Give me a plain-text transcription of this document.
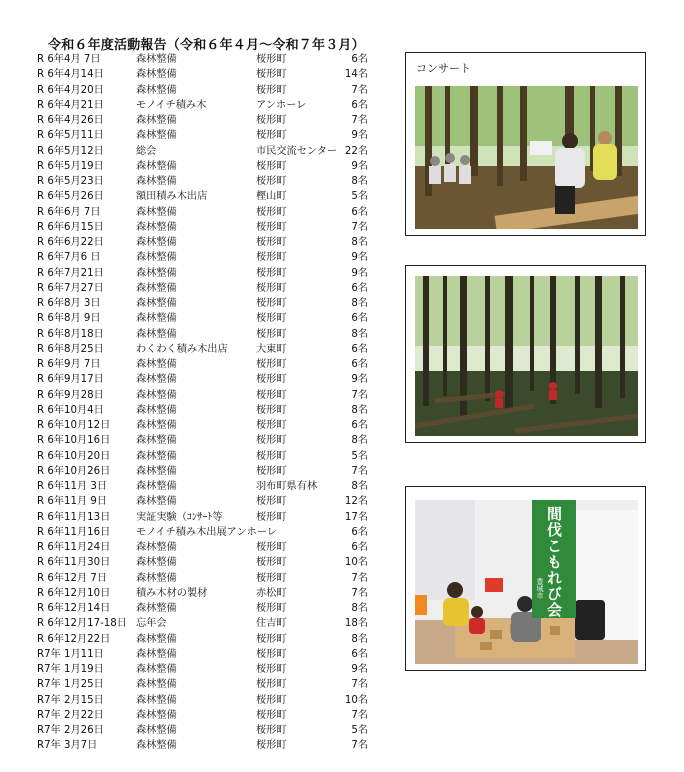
令和６年度活動報告（令和６年４月～令和７年３月）
R 6年4月 7日	森林整備	桜形町	6名
R 6年4月14日	森林整備	桜形町	14名
R 6年4月20日	森林整備	桜形町	7名
R 6年4月21日	モノイチ積み木	アンホーレ	6名
R 6年4月26日	森林整備	桜形町	7名
R 6年5月11日	森林整備	桜形町	9名
R 6年5月12日	総会	市民交流センター 22名
R 6年5月19日	森林整備	桜形町	9名
R 6年5月23日	森林整備	桜形町	8名
R 6年5月26日	額田積み木出店	樫山町	5名
R 6年6月 7日	森林整備	桜形町	6名
R 6年6月15日	森林整備	桜形町	7名
R 6年6月22日	森林整備	桜形町	8名
R 6年7月6 日	森林整備	桜形町	9名
R 6年7月21日	森林整備	桜形町	9名
R 6年7月27日	森林整備	桜形町	6名
R 6年8月 3日	森林整備	桜形町	8名
R 6年8月 9日	森林整備	桜形町	6名
R 6年8月18日	森林整備	桜形町	8名
R 6年8月25日	わくわく積み木出店	大東町	6名
R 6年9月 7日	森林整備	桜形町	6名
R 6年9月17日	森林整備	桜形町	9名
R 6年9月28日	森林整備	桜形町	7名
R 6年10月4日	森林整備	桜形町	8名
R 6年10月12日	森林整備	桜形町	6名
R 6年10月16日	森林整備	桜形町	8名
R 6年10月20日	森林整備	桜形町	5名
R 6年10月26日	森林整備	桜形町	7名
R 6年11月 3日	森林整備	羽布町県有林	8名
R 6年11月 9日	森林整備	桜形町	12名
R 6年11月13日	実証実験（ｺﾝｻｰﾄ等	桜形町	17名
R 6年11月16日	モノイチ積み木出展アンホーレ	6名
R 6年11月24日	森林整備	桜形町	6名
R 6年11月30日	森林整備	桜形町	10名
R 6年12月 7日	森林整備	桜形町	7名
R 6年12月10日	積み木材の製材	赤松町	7名
R 6年12月14日	森林整備	桜形町	8名
R 6年12月17-18日 忘年会	住吉町	18名
R 6年12月22日	森林整備	桜形町	8名
R7年 1月11日	森林整備	桜形町	6名
R7年 1月19日	森林整備	桜形町	9名
R7年 1月25日	森林整備	桜形町	7名
R7年 2月15日	森林整備	桜形町	10名
R7年 2月22日	森林整備	桜形町	7名
R7年 2月26日	森林整備	桜形町	5名
R7年 3月7日	森林整備	桜形町	7名
コンサート
間伐こもれび会
豊城市
